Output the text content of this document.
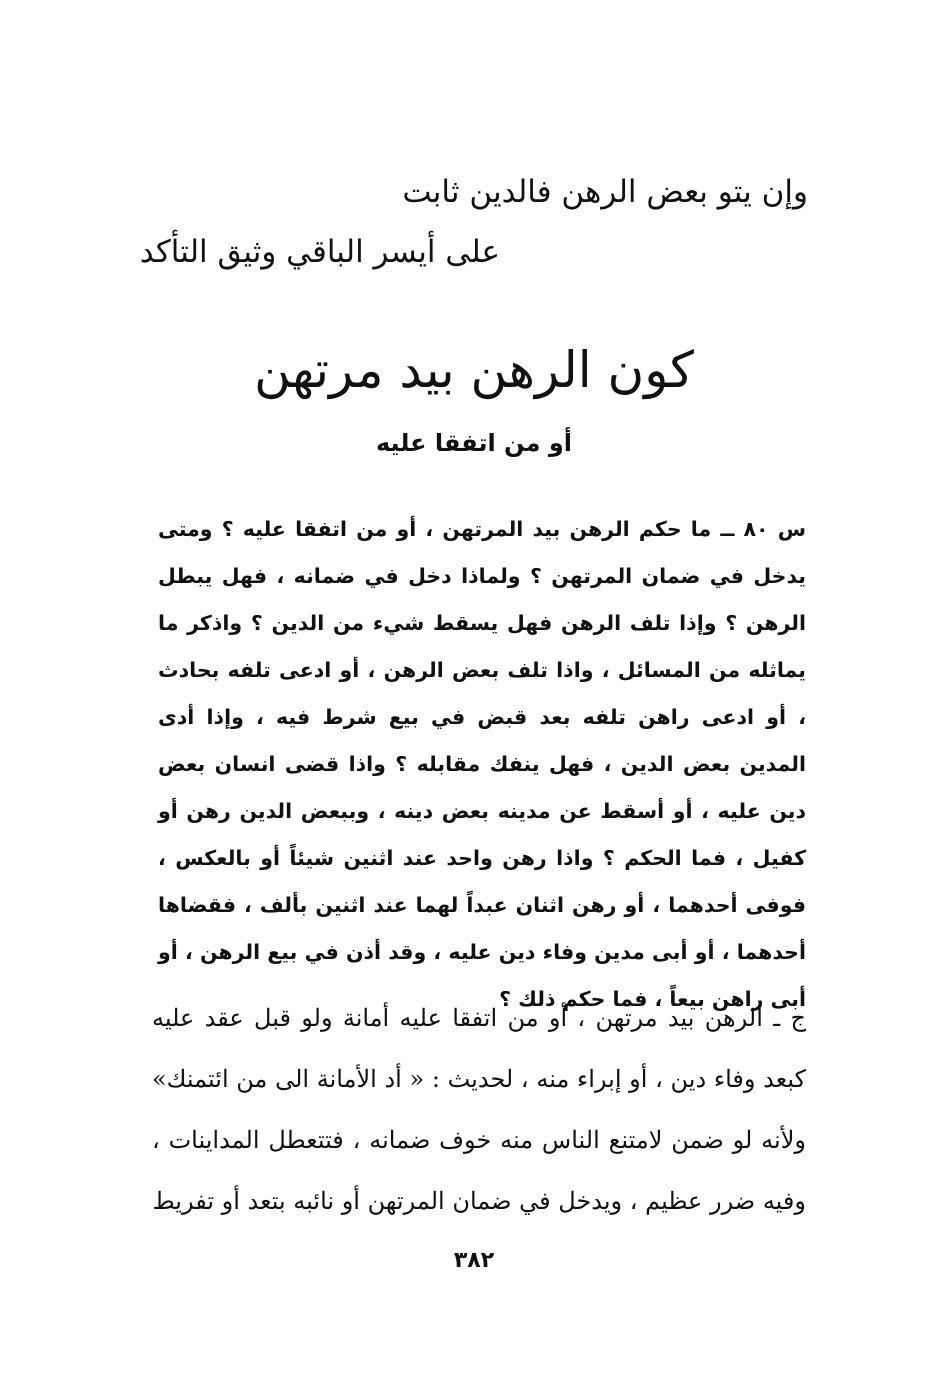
وإن يتو بعض الرهن فالدين ثابت
على أيسر الباقي وثيق التأكد
كون الرهن بيد مرتهن
أو من اتفقا عليه
س ٨٠ ــ ما حكم الرهن بيد المرتهن ، أو من اتفقا عليه ؟ ومتى يدخل في ضمان المرتهن ؟ ولماذا دخل في ضمانه ، فهل يبطل الرهن ؟ وإذا تلف الرهن فهل يسقط شيء من الدين ؟ واذكر ما يماثله من المسائل ، واذا تلف بعض الرهن ، أو ادعى تلفه بحادث ، أو ادعى راهن تلفه بعد قبض في بيع شرط فيه ، وإذا أدى المدين بعض الدين ، فهل ينفك مقابله ؟ واذا قضى انسان بعض دين عليه ، أو أسقط عن مدينه بعض دينه ، وببعض الدين رهن أو كفيل ، فما الحكم ؟ واذا رهن واحد عند اثنين شيئاً أو بالعكس ، فوفى أحدهما ، أو رهن اثنان عبداً لهما عند اثنين بألف ، فقضاها أحدهما ، أو أبى مدين وفاء دين عليه ، وقد أذن في بيع الرهن ، أو أبى راهن بيعاً ، فما حكم ذلك ؟
ج ـ الرهن بيد مرتهن ، أو من اتفقا عليه أمانة ولو قبل عقد عليه كبعد وفاء دين ، أو إبراء منه ، لحديث : « أد الأمانة الى من ائتمنك» ولأنه لو ضمن لامتنع الناس منه خوف ضمانه ، فتتعطل المداينات ، وفيه ضرر عظيم ، ويدخل في ضمان المرتهن أو نائبه بتعد أو تفريط
٣٨٢
